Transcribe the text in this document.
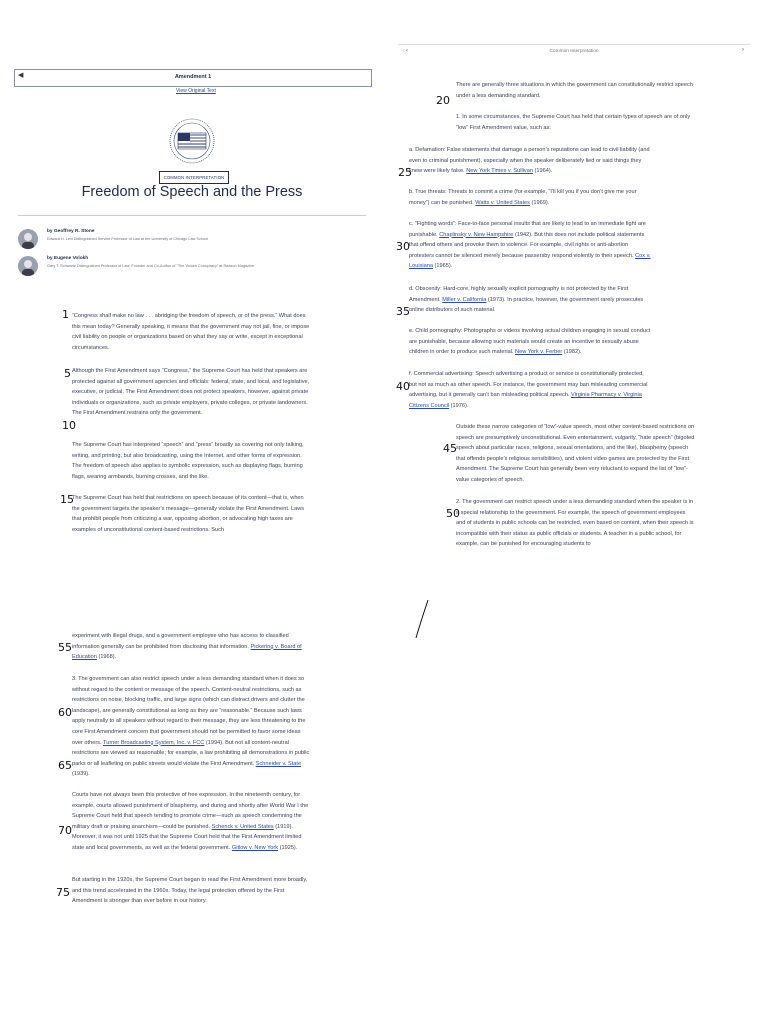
◀	Amendment 1
View Original Text
COMMON INTERPRETATION
Freedom of Speech and the Press
by Geoffrey R. Stone
Edward H. Levi Distinguished Service Professor of Law at the University of Chicago Law School
by Eugene Volokh
Gary T. Schwartz Distinguished Professor of Law; Founder and Co-Author of "The Volokh Conspiracy" at Reason Magazine
“Congress shall make no law . . . abridging the freedom of speech, or of the press.” What does this mean today? Generally speaking, it means that the government may not jail, fine, or impose civil liability on people or organizations based on what they say or write, except in exceptional circumstances.
Although the First Amendment says “Congress,” the Supreme Court has held that speakers are protected against all government agencies and officials: federal, state, and local, and legislative, executive, or judicial. The First Amendment does not protect speakers, however, against private individuals or organizations, such as private employers, private colleges, or private landowners. The First Amendment restrains only the government.
The Supreme Court has interpreted “speech” and “press” broadly as covering not only talking, writing, and printing, but also broadcasting, using the Internet, and other forms of expression. The freedom of speech also applies to symbolic expression, such as displaying flags, burning flags, wearing armbands, burning crosses, and the like.
The Supreme Court has held that restrictions on speech because of its content—that is, when the government targets the speaker’s message—generally violate the First Amendment. Laws that prohibit people from criticizing a war, opposing abortion, or advocating high taxes are examples of unconstitutional content-based restrictions. Such
1
5
10
15
experiment with illegal drugs, and a government employee who has access to classified information generally can be prohibited from disclosing that information. Pickering v. Board of Education (1968).
3. The government can also restrict speech under a less demanding standard when it does so without regard to the content or message of the speech. Content-neutral restrictions, such as restrictions on noise, blocking traffic, and large signs (which can distract drivers and clutter the landscape), are generally constitutional as long as they are “reasonable.” Because such laws apply neutrally to all speakers without regard to their message, they are less threatening to the core First Amendment concern that government should not be permitted to favor some ideas over others. Turner Broadcasting System, Inc. v. FCC (1994). But not all content-neutral restrictions are viewed as reasonable; for example, a law prohibiting all demonstrations in public parks or all leafleting on public streets would violate the First Amendment. Schneider v. State (1939).
Courts have not always been this protective of free expression. In the nineteenth century, for example, courts allowed punishment of blasphemy, and during and shortly after World War I the Supreme Court held that speech tending to promote crime—such as speech condemning the military draft or praising anarchism—could be punished. Schenck v. United States (1919). Moreover, it was not until 1925 that the Supreme Court held that the First Amendment limited state and local governments, as well as the federal government. Gitlow v. New York (1925).
But starting in the 1920s, the Supreme Court began to read the First Amendment more broadly, and this trend accelerated in the 1960s. Today, the legal protection offered by the First Amendment is stronger than ever before in our history.
55
60
65
70
75
‹	Common Interpretation	›
There are generally three situations in which the government can constitutionally restrict speech under a less demanding standard.
1. In some circumstances, the Supreme Court has held that certain types of speech are of only “low” First Amendment value, such as:
a. Defamation: False statements that damage a person’s reputations can lead to civil liability (and even to criminal punishment), especially when the speaker deliberately lied or said things they knew were likely false. New York Times v. Sullivan (1964).
b. True threats: Threats to commit a crime (for example, “I’ll kill you if you don’t give me your money”) can be punished. Watts v. United States (1969).
c. “Fighting words”: Face-to-face personal insults that are likely to lead to an immediate fight are punishable. Chaplinsky v. New Hampshire (1942). But this does not include political statements that offend others and provoke them to violence. For example, civil rights or anti-abortion protesters cannot be silenced merely because passersby respond violently to their speech. Cox v. Louisiana (1965).
d. Obscenity: Hard-core, highly sexually explicit pornography is not protected by the First Amendment. Miller v. California (1973). In practice, however, the government rarely prosecutes online distributors of such material.
e. Child pornography: Photographs or videos involving actual children engaging in sexual conduct are punishable, because allowing such materials would create an incentive to sexually abuse children in order to produce such material. New York v. Ferber (1982).
f. Commercial advertising: Speech advertising a product or service is constitutionally protected, but not as much as other speech. For instance, the government may ban misleading commercial advertising, but it generally can’t ban misleading political speech. Virginia Pharmacy v. Virginia Citizens Council (1976).
Outside these narrow categories of “low”-value speech, most other content-based restrictions on speech are presumptively unconstitutional. Even entertainment, vulgarity, “hate speech” (bigoted speech about particular races, religions, sexual orientations, and the like), blasphemy (speech that offends people’s religious sensibilities), and violent video games are protected by the First Amendment. The Supreme Court has generally been very reluctant to expand the list of “low”-value categories of speech.
2. The government can restrict speech under a less demanding standard when the speaker is in a special relationship to the government. For example, the speech of government employees and of students in public schools can be restricted, even based on content, when their speech is incompatible with their status as public officials or students. A teacher in a public school, for example, can be punished for encouraging students to
20
25
30
35
40
45
50
